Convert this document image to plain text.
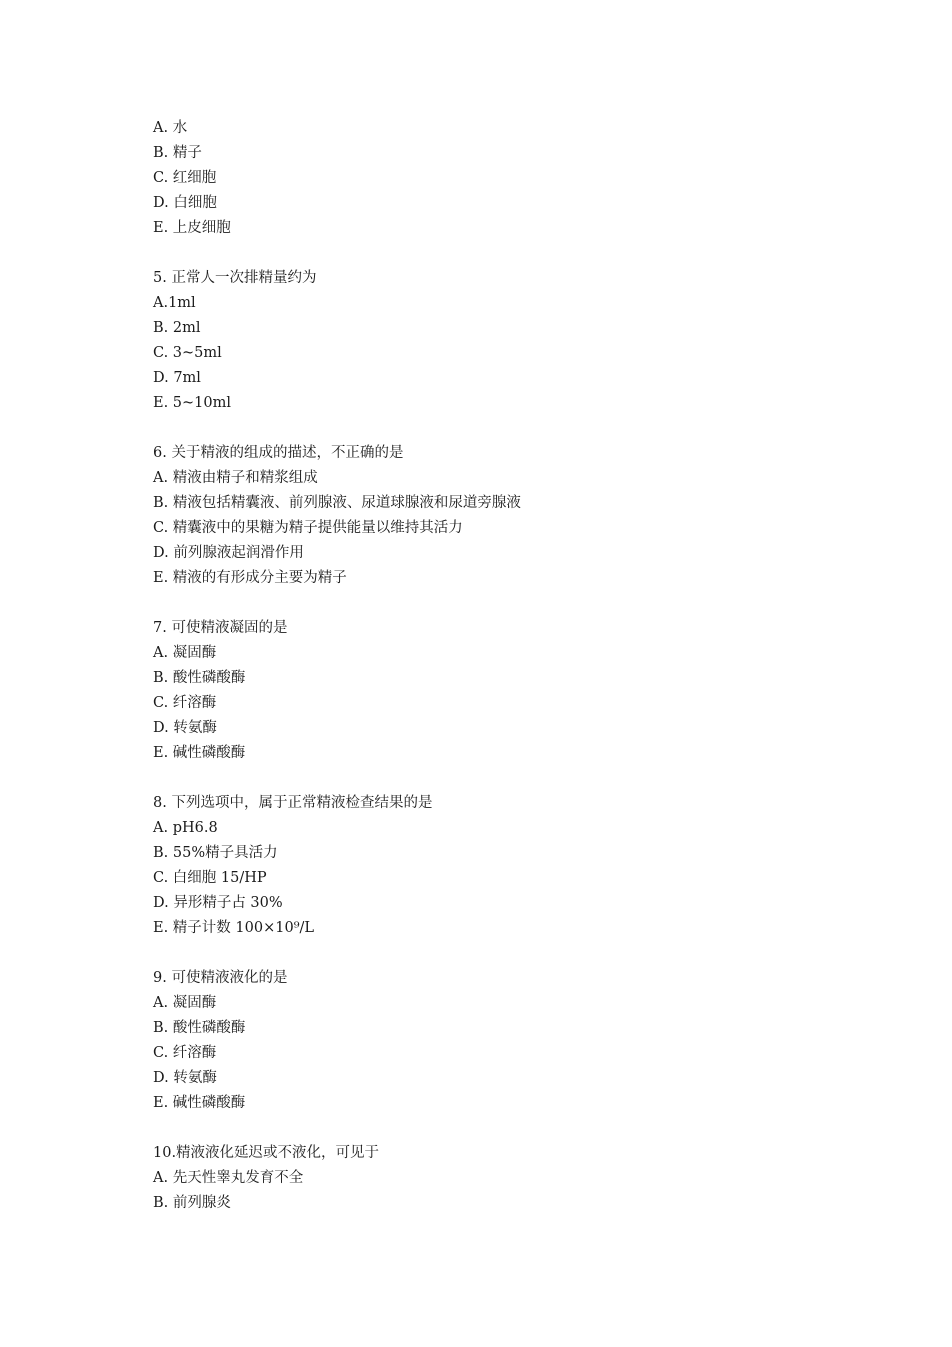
A. 水
B. 精子
C. 红细胞
D. 白细胞
E. 上皮细胞
5. 正常人一次排精量约为
A.1ml
B. 2ml
C. 3~5ml
D. 7ml
E. 5~10ml
6. 关于精液的组成的描述，不正确的是
A. 精液由精子和精浆组成
B. 精液包括精囊液、前列腺液、尿道球腺液和尿道旁腺液
C. 精囊液中的果糖为精子提供能量以维持其活力
D. 前列腺液起润滑作用
E. 精液的有形成分主要为精子
7. 可使精液凝固的是
A. 凝固酶
B. 酸性磷酸酶
C. 纤溶酶
D. 转氨酶
E. 碱性磷酸酶
8. 下列选项中，属于正常精液检查结果的是
A. pH6.8
B. 55%精子具活力
C. 白细胞 15/HP
D. 异形精子占 30%
E. 精子计数 100×10⁹/L
9. 可使精液液化的是
A. 凝固酶
B. 酸性磷酸酶
C. 纤溶酶
D. 转氨酶
E. 碱性磷酸酶
10.精液液化延迟或不液化，可见于
A. 先天性睾丸发育不全
B. 前列腺炎
